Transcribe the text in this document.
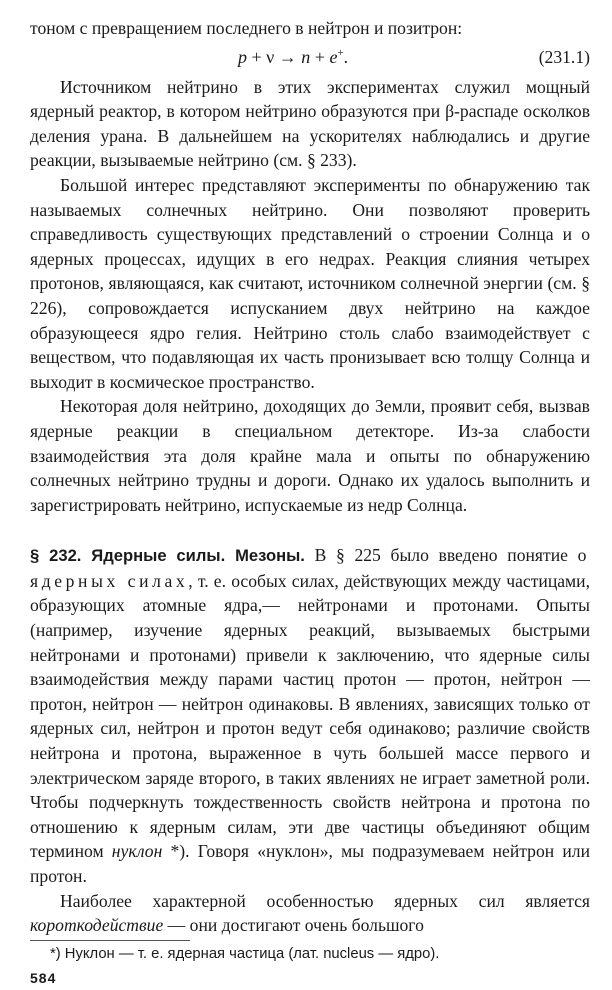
тоном с превращением последнего в нейтрон и позитрон:

p + ν → n + e+.	(231.1)

Источником нейтрино в этих экспериментах служил мощный ядерный реактор, в котором нейтрино образуются при β-распаде осколков деления урана. В дальнейшем на ускорителях наблюдались и другие реакции, вызываемые нейтрино (см. § 233).

Большой интерес представляют эксперименты по обнаружению так называемых солнечных нейтрино. Они позволяют проверить справедливость существующих представлений о строении Солнца и о ядерных процессах, идущих в его недрах. Реакция слияния четырех протонов, являющаяся, как считают, источником солнечной энергии (см. § 226), сопровождается испусканием двух нейтрино на каждое образующееся ядро гелия. Нейтрино столь слабо взаимодействует с веществом, что подавляющая их часть пронизывает всю толщу Солнца и выходит в космическое пространство.

Некоторая доля нейтрино, доходящих до Земли, проявит себя, вызвав ядерные реакции в специальном детекторе. Из-за слабости взаимодействия эта доля крайне мала и опыты по обнаружению солнечных нейтрино трудны и дороги. Однако их удалось выполнить и зарегистрировать нейтрино, испускаемые из недр Солнца.

§ 232. Ядерные силы. Мезоны. В § 225 было введено понятие о ядерных силах, т. е. особых силах, действующих между частицами, образующих атомные ядра,— нейтронами и протонами. Опыты (например, изучение ядерных реакций, вызываемых быстрыми нейтронами и протонами) привели к заключению, что ядерные силы взаимодействия между парами частиц протон — протон, нейтрон — протон, нейтрон — нейтрон одинаковы. В явлениях, зависящих только от ядерных сил, нейтрон и протон ведут себя одинаково; различие свойств нейтрона и протона, выраженное в чуть большей массе первого и электрическом заряде второго, в таких явлениях не играет заметной роли. Чтобы подчеркнуть тождественность свойств нейтрона и протона по отношению к ядерным силам, эти две частицы объединяют общим термином нуклон *). Говоря «нуклон», мы подразумеваем нейтрон или протон.

Наиболее характерной особенностью ядерных сил является короткодействие — они достигают очень большого

*) Нуклон — т. е. ядерная частица (лат. nucleus — ядро).
584
